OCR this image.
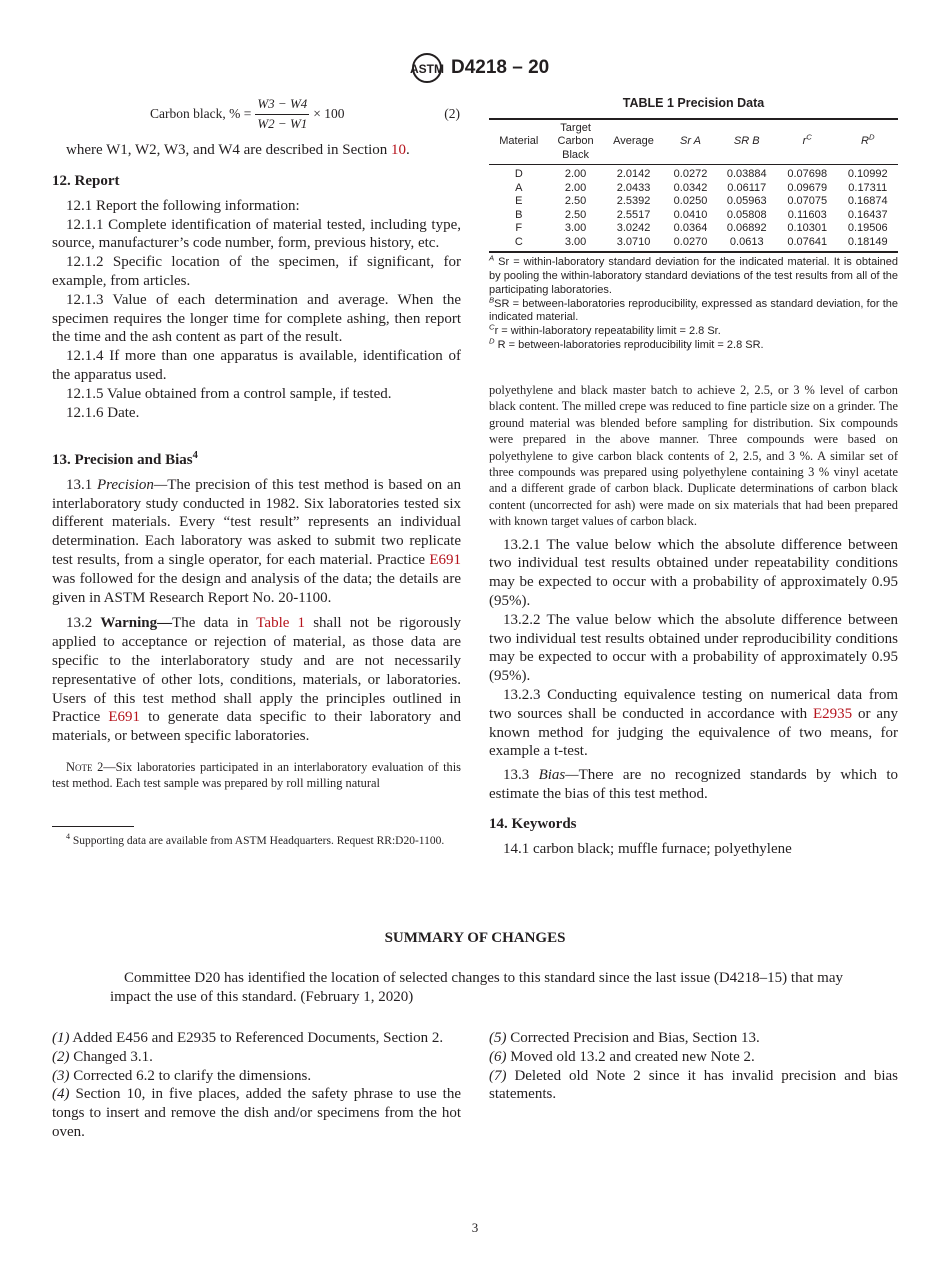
ASTM D4218 – 20
Carbon black, % = $\frac{W3 - W4}{W2 - W1} \times 100$	(2)

where W1, W2, W3, and W4 are described in Section 10.

12. Report

12.1 Report the following information:

12.1.1 Complete identification of material tested, including type, source, manufacturer’s code number, form, previous history, etc.

12.1.2 Specific location of the specimen, if significant, for example, from articles.

12.1.3 Value of each determination and average. When the specimen requires the longer time for complete ashing, then report the time and the ash content as part of the result.

12.1.4 If more than one apparatus is available, identification of the apparatus used.

12.1.5 Value obtained from a control sample, if tested.

12.1.6 Date.

13. Precision and Bias$^4$

13.1 Precision—The precision of this test method is based on an interlaboratory study conducted in 1982. Six laboratories tested six different materials. Every “test result” represents an individual determination. Each laboratory was asked to submit two replicate test results, from a single operator, for each material. Practice E691 was followed for the design and analysis of the data; the details are given in ASTM Research Report No. 20-1100.

13.2 Warning—The data in Table 1 shall not be rigorously applied to acceptance or rejection of material, as those data are specific to the interlaboratory study and are not necessarily representative of other lots, conditions, materials, or laboratories. Users of this test method shall apply the principles outlined in Practice E691 to generate data specific to their laboratory and materials, or between specific laboratories.

Note 2—Six laboratories participated in an interlaboratory evaluation of this test method. Each test sample was prepared by roll milling natural

$^4$ Supporting data are available from ASTM Headquarters. Request RR:D20-1100.

TABLE 1 Precision Data
Material	Target Carbon Black	Average	Sr A	SR B	$r^C$	$R^D$
D	2.00	2.0142	0.0272	0.03884	0.07698	0.10992
A	2.00	2.0433	0.0342	0.06117	0.09679	0.17311
E	2.50	2.5392	0.0250	0.05963	0.07075	0.16874
B	2.50	2.5517	0.0410	0.05808	0.11603	0.16437
F	3.00	3.0242	0.0364	0.06892	0.10301	0.19506
C	3.00	3.0710	0.0270	0.0613	0.07641	0.18149

$^A$ Sr = within-laboratory standard deviation for the indicated material. It is obtained by pooling the within-laboratory standard deviations of the test results from all of the participating laboratories.

$^B$SR = between-laboratories reproducibility, expressed as standard deviation, for the indicated material.

$^C$r = within-laboratory repeatability limit = 2.8 Sr.

$^D$ R = between-laboratories reproducibility limit = 2.8 SR.

polyethylene and black master batch to achieve 2, 2.5, or 3 % level of carbon black content. The milled crepe was reduced to fine particle size on a grinder. The ground material was blended before sampling for distribution. Six compounds were prepared in the above manner. Three compounds were based on polyethylene to give carbon black contents of 2, 2.5, and 3 %. A similar set of three compounds was prepared using polyethylene containing 3 % vinyl acetate and a different grade of carbon black. Duplicate determinations of carbon black content (uncorrected for ash) were made on six materials that had been prepared with known target values of carbon black.

13.2.1 The value below which the absolute difference between two individual test results obtained under repeatability conditions may be expected to occur with a probability of approximately 0.95 (95%).

13.2.2 The value below which the absolute difference between two individual test results obtained under reproducibility conditions may be expected to occur with a probability of approximately 0.95 (95%).

13.2.3 Conducting equivalence testing on numerical data from two sources shall be conducted in accordance with E2935 or any known method for judging the equivalence of two means, for example a t-test.

13.3 Bias—There are no recognized standards by which to estimate the bias of this test method.

14. Keywords

14.1 carbon black; muffle furnace; polyethylene

SUMMARY OF CHANGES

Committee D20 has identified the location of selected changes to this standard since the last issue (D4218–15) that may impact the use of this standard. (February 1, 2020)

(1) Added E456 and E2935 to Referenced Documents, Section 2.

(2) Changed 3.1.

(3) Corrected 6.2 to clarify the dimensions.

(4) Section 10, in five places, added the safety phrase to use the tongs to insert and remove the dish and/or specimens from the hot oven.

(5) Corrected Precision and Bias, Section 13.

(6) Moved old 13.2 and created new Note 2.

(7) Deleted old Note 2 since it has invalid precision and bias statements.

3
